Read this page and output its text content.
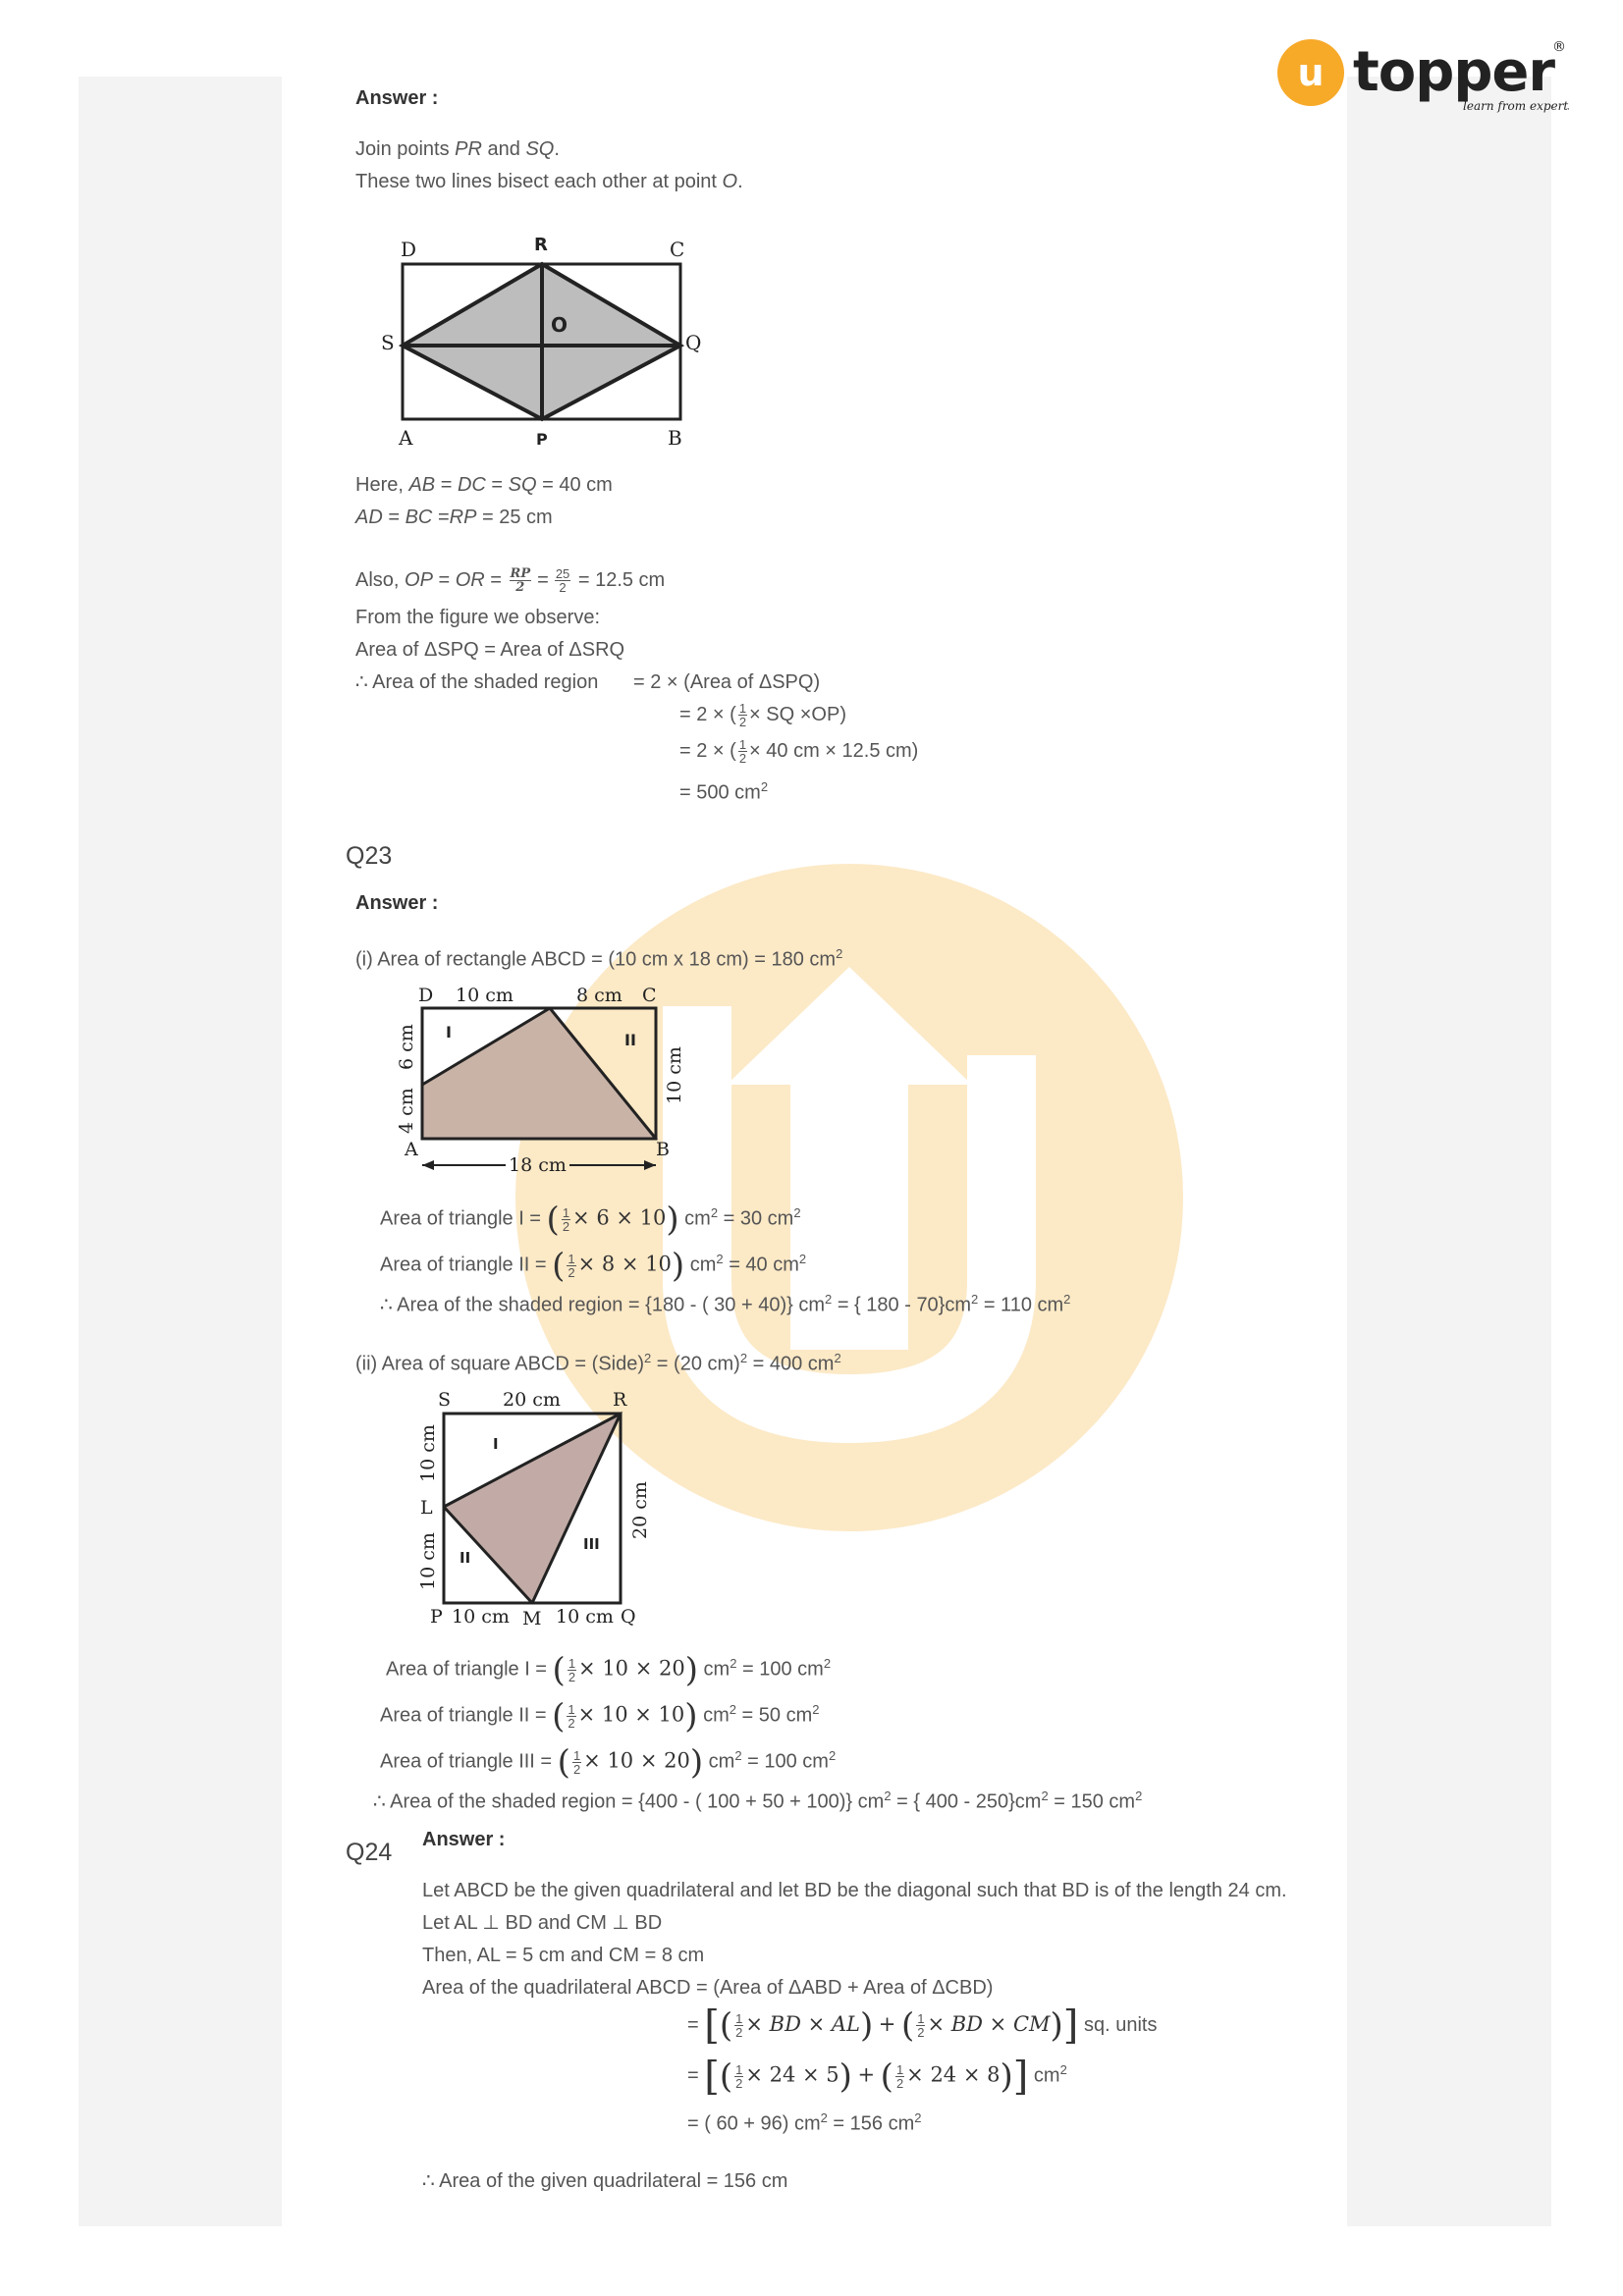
u topper
®
learn from experts
Answer :
Join points PR and SQ.
These two lines bisect each other at point O.
D	R	C
S
O
Q
A	P	B
Here, AB = DC = SQ = 40 cm
AD = BC =RP = 25 cm
Also, OP = OR = $\frac{RP}{2} = \frac{25}{2} = 12.5$ cm
From the figure we observe:
Area of ΔSPQ = Area of ΔSRQ
∴ Area of the shaded region = 2 × (Area of ΔSPQ)
= 2 × ( $\frac{1}{2}$ × SQ ×OP)
= 2 × ( $\frac{1}{2} \times 40$ cm × 12.5 cm)
= 500 $cm^2$
Q23
Answer :
(i) Area of rectangle ABCD = (10 cm x 18 cm) = 180 $cm^2$
D 10 cm	8 cm C
I	II
6 cm
4 cm
10 cm
A	B
18 cm
Area of triangle I = ( $\frac{1}{2} \times 6 \times 10$) $cm^2 = 30$ $cm^2$
Area of triangle II = ( $\frac{1}{2} \times 8 \times 10$) $cm^2 = 40$ $cm^2$
∴ Area of the shaded region = {180 - ( 30 + 40)} $cm^2$ = { $180 - 70\}cm^2 = 110$ $cm^2$
(ii) Area of square ABCD = (Side)$^2$ = (20 cm)$^2$ = 400 $cm^2$
S	20 cm	R
I
II
III
10 cm
L
10 cm
20 cm
P 10 cm M 10 cm Q
Area of triangle I = ( $\frac{1}{2} \times 10 \times 20$) $cm^2 = 100$ $cm^2$
Area of triangle II = ( $\frac{1}{2} \times 10 \times 10$) $cm^2 = 50$ $cm^2$
Area of triangle III = ( $\frac{1}{2} \times 10 \times 20$) $cm^2 = 100$ $cm^2$
∴ Area of the shaded region = {400 - ( 100 + 50 + 100)} $cm^2$ = { $400 - 250\}cm^2 = 150$ $cm^2$
Q24 Answer :
Let ABCD be the given quadrilateral and let BD be the diagonal such that BD is of the length 24 cm.
Let AL ⊥ BD and CM ⊥ BD
Then, AL = 5 cm and CM = 8 cm
Area of the quadrilateral ABCD = (Area of ΔABD + Area of ΔCBD)
= [( $\frac{1}{2}$ × BD × AL) + ( $\frac{1}{2}$ × BD × CM)] sq. units
= [( $\frac{1}{2} \times 24 \times 5$) + ( $\frac{1}{2} \times 24 \times 8$)] $cm^2$
= ( 60 + 96) $cm^2 = 156$ $cm^2$
∴ Area of the given quadrilateral = 156 cm
